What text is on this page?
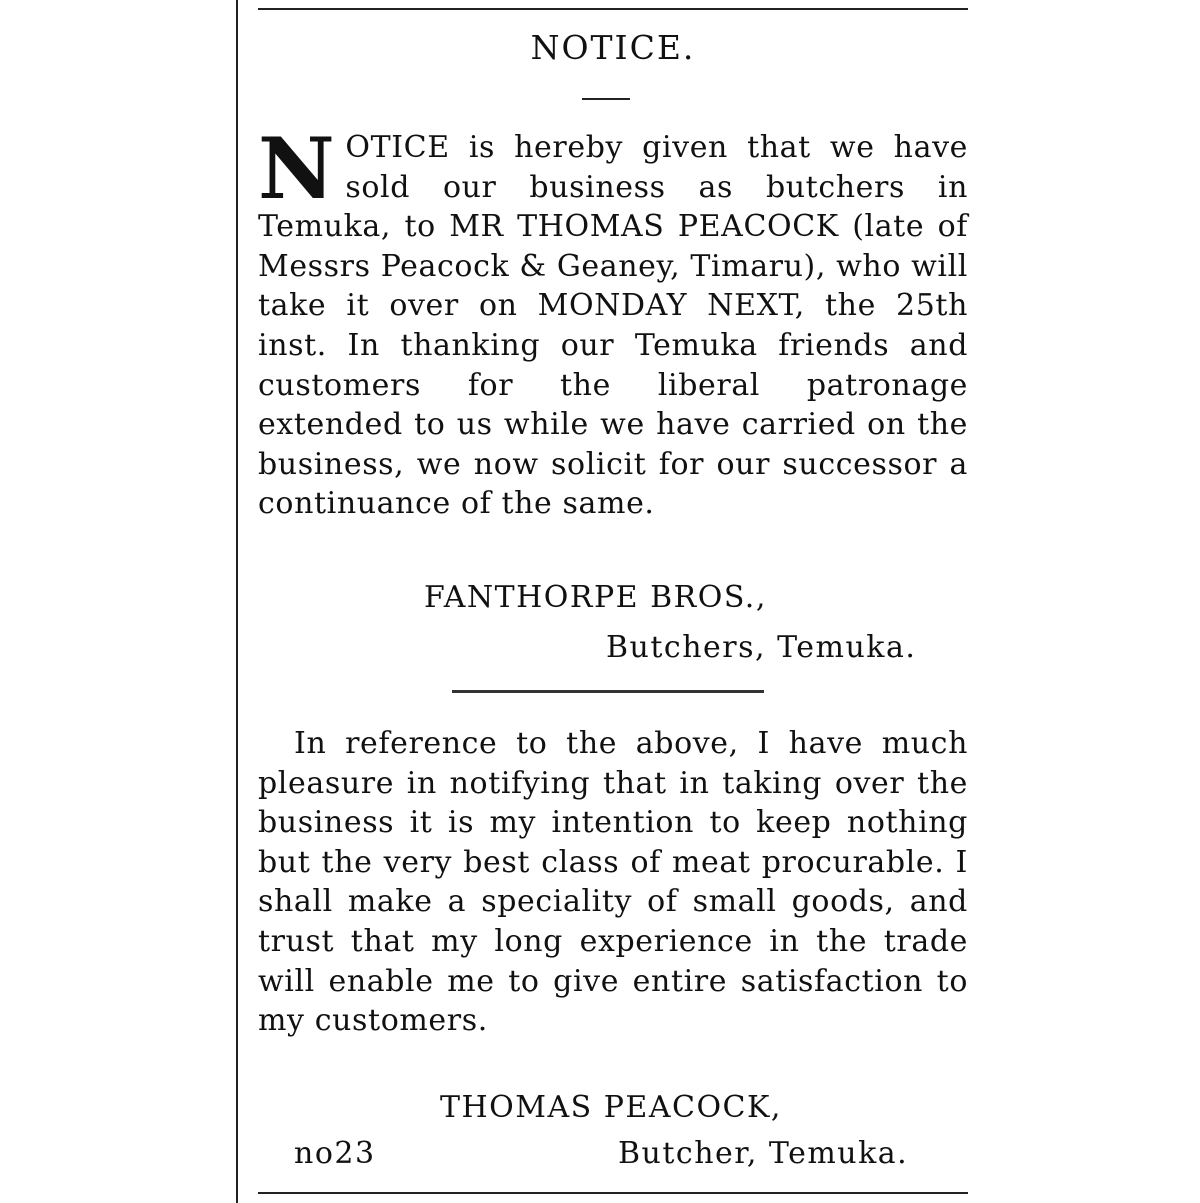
NOTICE.

NOTICE is hereby given that we have sold our business as butchers in Temuka, to MR THOMAS PEACOCK (late of Messrs Peacock & Geaney, Timaru), who will take it over on MONDAY NEXT, the 25th inst. In thanking our Temuka friends and customers for the liberal patronage extended to us while we have carried on the business, we now solicit for our successor a continuance of the same.

FANTHORPE BROS.,
Butchers, Temuka.

In reference to the above, I have much pleasure in notifying that in taking over the business it is my intention to keep nothing but the very best class of meat procurable. I shall make a speciality of small goods, and trust that my long experience in the trade will enable me to give entire satisfaction to my customers.

THOMAS PEACOCK,
no23	Butcher, Temuka.
